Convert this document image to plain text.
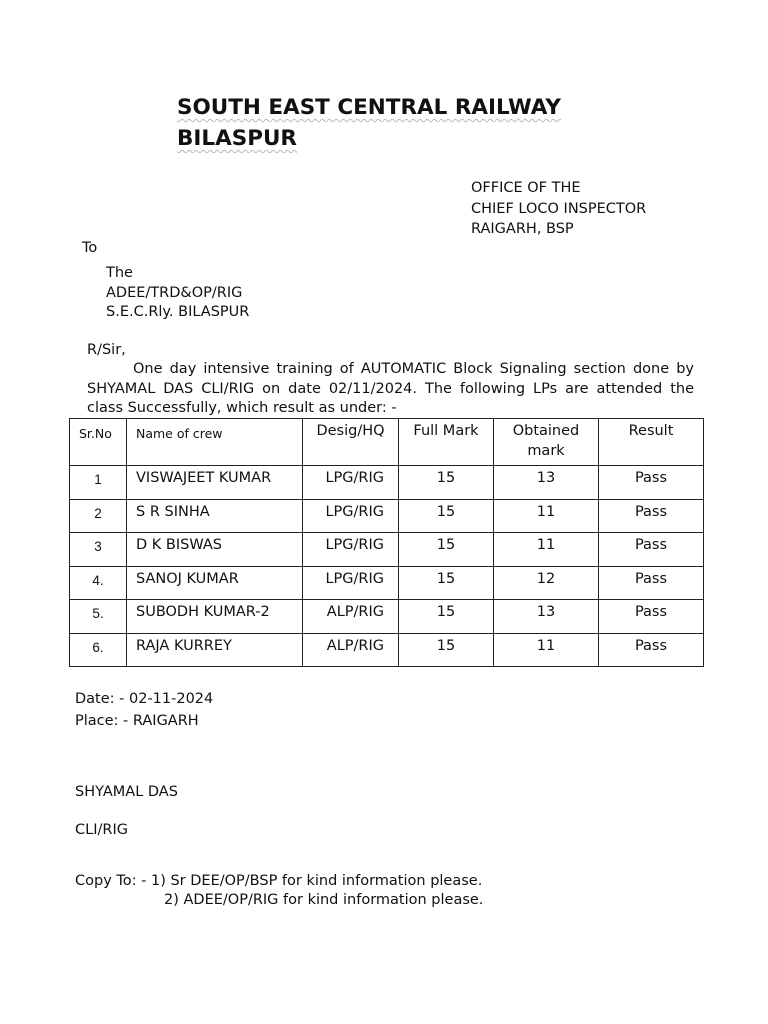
SOUTH EAST CENTRAL RAILWAY
BILASPUR
OFFICE OF THE
CHIEF LOCO INSPECTOR
RAIGARH, BSP
To
The
ADEE/TRD&OP/RIG
S.E.C.Rly. BILASPUR
R/Sir,
One day intensive training of AUTOMATIC Block Signaling section done by SHYAMAL DAS CLI/RIG on date 02/11/2024. The following LPs are attended the class Successfully, which result as under: -
Sr.No	Name of crew	Desig/HQ	Full Mark	Obtained mark	Result
1	VISWAJEET KUMAR	LPG/RIG	15	13	Pass
2	S R SINHA	LPG/RIG	15	11	Pass
3	D K BISWAS	LPG/RIG	15	11	Pass
4.	SANOJ KUMAR	LPG/RIG	15	12	Pass
5.	SUBODH KUMAR-2	ALP/RIG	15	13	Pass
6.	RAJA KURREY	ALP/RIG	15	11	Pass
Date: - 02-11-2024
Place: - RAIGARH
SHYAMAL DAS
CLI/RIG
Copy To: - 1) Sr DEE/OP/BSP for kind information please.
2) ADEE/OP/RIG for kind information please.
